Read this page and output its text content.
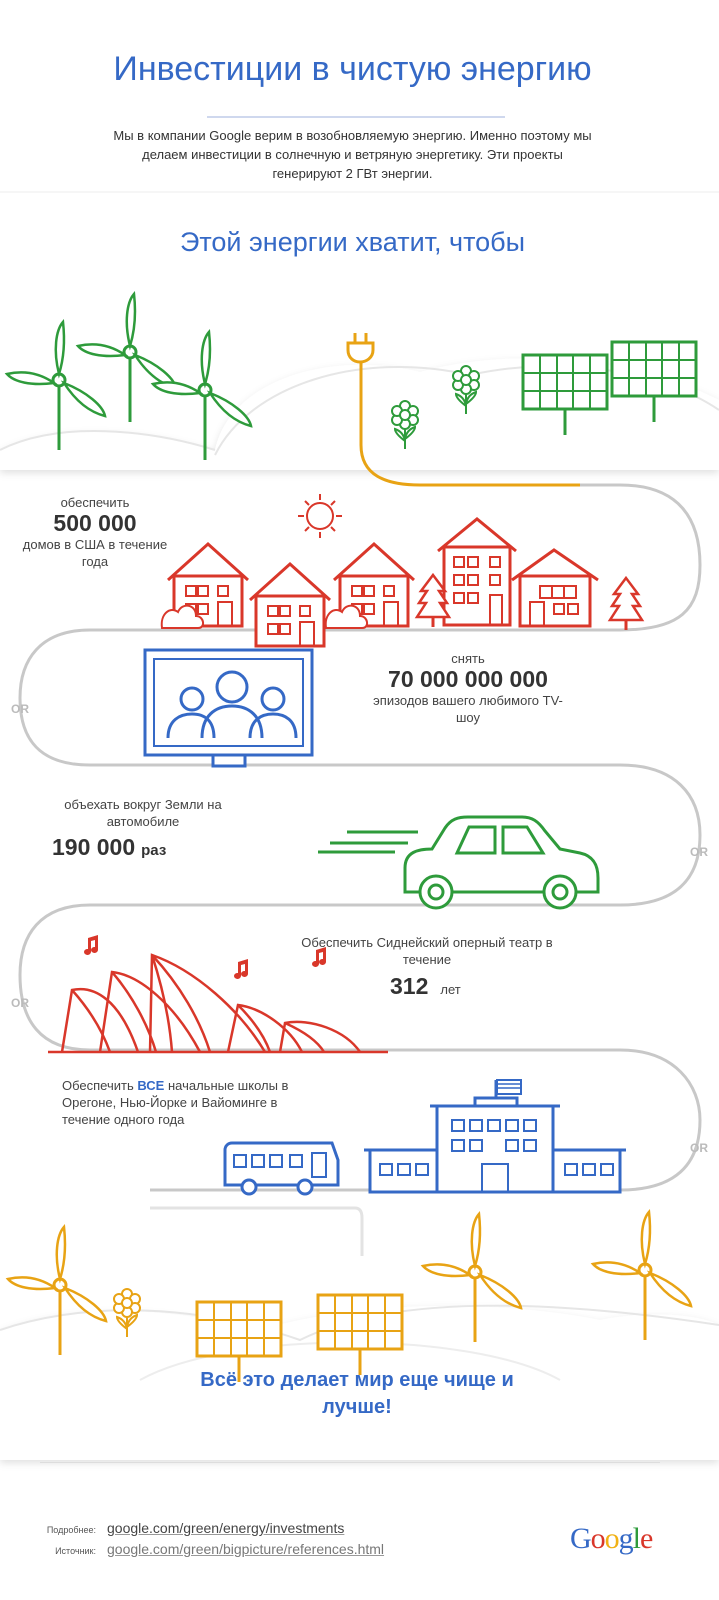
Инвестиции в чистую энергию
Мы в компании Google верим в возобновляемую энергию. Именно поэтому мы делаем инвестиции в солнечную и ветряную энергетику. Эти проекты генерируют 2 ГВт энергии.
Этой энергии хватит, чтобы
OR
OR
OR
OR
обеспечить
500 000
домов в США в течение года
снять
70 000 000 000
эпизодов вашего любимого TV-шоу
объехать вокруг Земли на автомобиле
190 000 раз
Обеспечить Сиднейский оперный театр в течение
312 лет
Обеспечить ВСЕ начальные школы в Орегоне, Нью-Йорке и Вайоминге в течение одного года
Всё это делает мир еще чище и лучше!
Подробнее: google.com/green/energy/investments
Источник: google.com/green/bigpicture/references.html	Google
